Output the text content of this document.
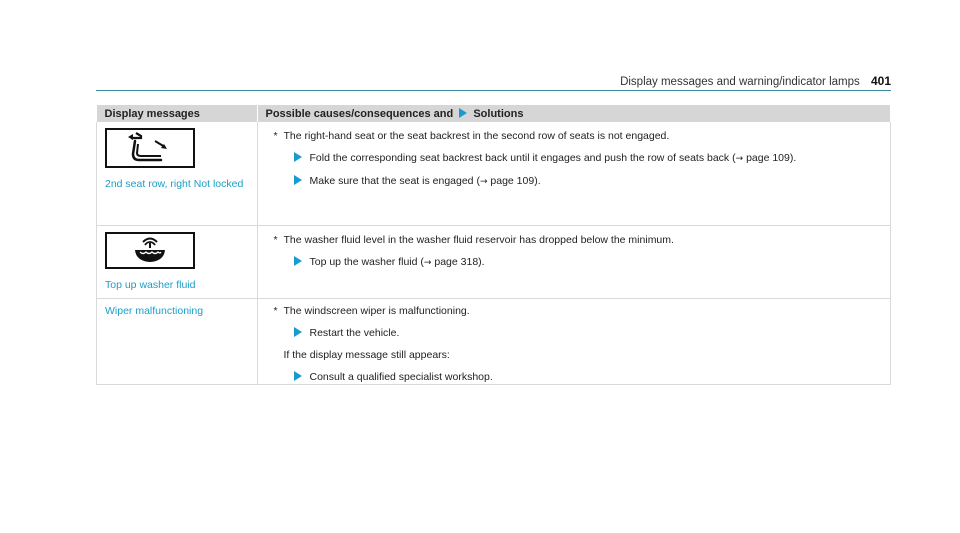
Display messages and warning/indicator lamps 401
Display messages	Possible causes/consequences and Solutions

2nd seat row, right Not locked	* The right-hand seat or the seat backrest in the second row of seats is not engaged.
Fold the corresponding seat backrest back until it engages and push the row of seats back (→ page 109).
Make sure that the seat is engaged (→ page 109).

Top up washer fluid	* The washer fluid level in the washer fluid reservoir has dropped below the minimum.
Top up the washer fluid (→ page 318).

Wiper malfunctioning	* The windscreen wiper is malfunctioning.
Restart the vehicle.
If the display message still appears:
Consult a qualified specialist workshop.
